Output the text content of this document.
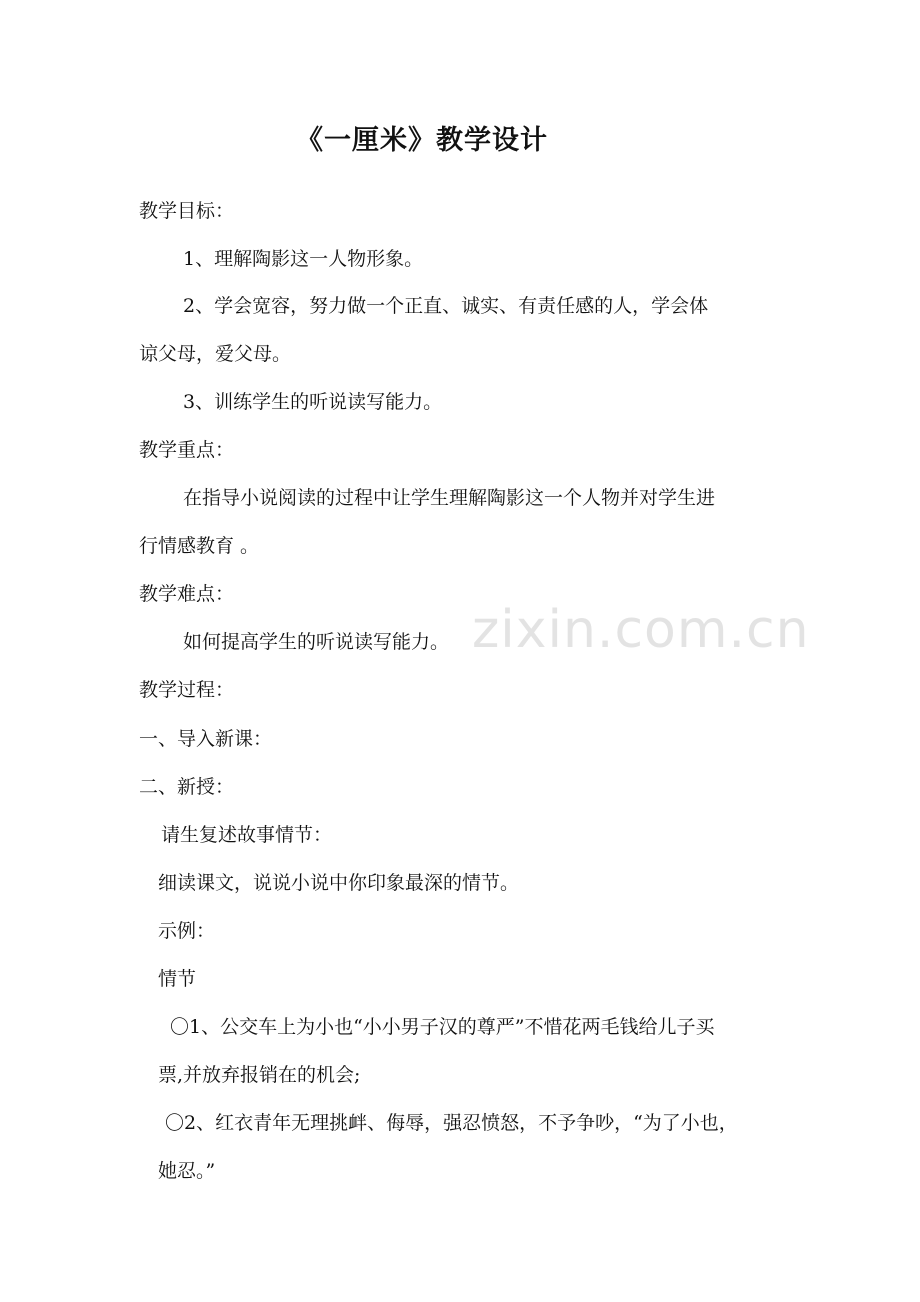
《一厘米》教学设计
教学目标：
1、理解陶影这一人物形象。
2、学会宽容，努力做一个正直、诚实、有责任感的人，学会体
谅父母，爱父母。
3、训练学生的听说读写能力。
教学重点：
在指导小说阅读的过程中让学生理解陶影这一个人物并对学生进
行情感教育 。
教学难点：
如何提高学生的听说读写能力。
教学过程：
一、导入新课：
二、新授：
请生复述故事情节：
细读课文，说说小说中你印象最深的情节。
示例：
情节
〇1、公交车上为小也“小小男子汉的尊严”不惜花两毛钱给儿子买
票,并放弃报销在的机会;
〇2、红衣青年无理挑衅、侮辱，强忍愤怒，不予争吵，“为了小也，
她忍。”
zixin.com.cn
